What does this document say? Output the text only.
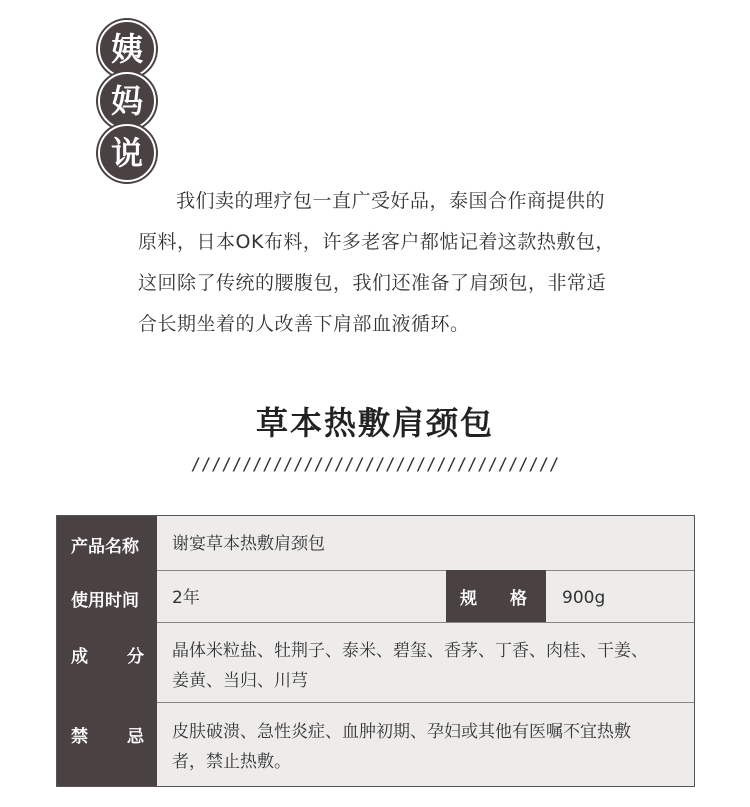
姨
妈
说
我们卖的理疗包一直广受好品，泰国合作商提供的
原料，日本OK布料，许多老客户都惦记着这款热敷包，
这回除了传统的腰腹包，我们还准备了肩颈包，非常适
合长期坐着的人改善下肩部血液循环。
草本热敷肩颈包
////////////////////////////////////
产品名称 谢宴草本热敷肩颈包
使用时间 2年	规 格 900g
成 分 晶体米粒盐、牡荆子、泰米、碧玺、香茅、丁香、肉桂、干姜、
姜黄、当归、川芎
禁 忌 皮肤破溃、急性炎症、血肿初期、孕妇或其他有医嘱不宜热敷
者，禁止热敷。
